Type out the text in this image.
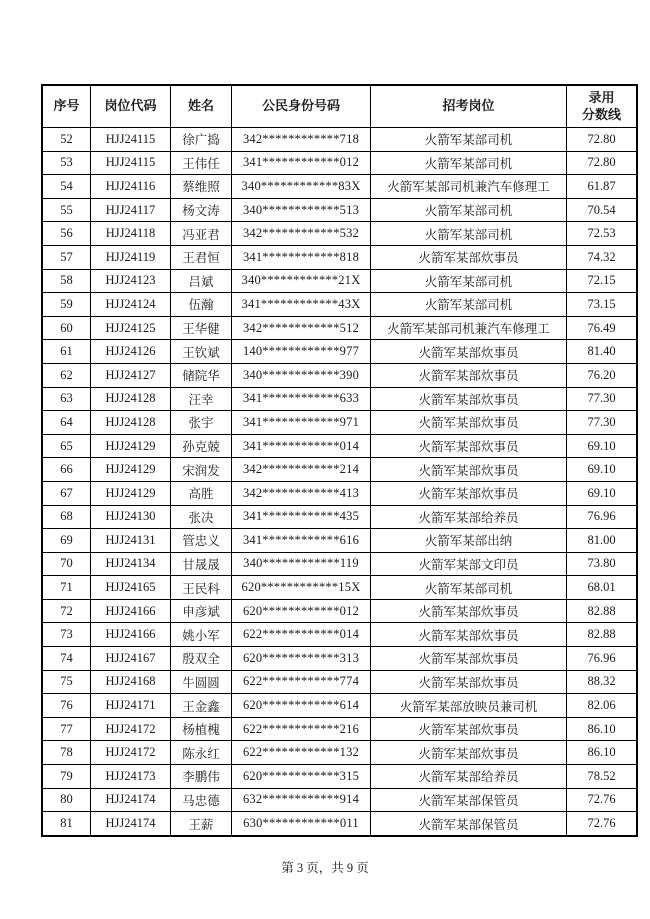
序号	岗位代码	姓名	公民身份号码	招考岗位	录用
分数线
52	HJJ24115	徐广捣	342************718	火箭军某部司机	72.80
53	HJJ24115	王伟任	341************012	火箭军某部司机	72.80
54	HJJ24116	蔡维照	340************83X	火箭军某部司机兼汽车修理工	61.87
55	HJJ24117	杨文涛	340************513	火箭军某部司机	70.54
56	HJJ24118	冯亚君	342************532	火箭军某部司机	72.53
57	HJJ24119	王君恒	341************818	火箭军某部炊事员	74.32
58	HJJ24123	吕斌	340************21X	火箭军某部司机	72.15
59	HJJ24124	伍瀚	341************43X	火箭军某部司机	73.15
60	HJJ24125	王华健	342************512	火箭军某部司机兼汽车修理工	76.49
61	HJJ24126	王钦斌	140************977	火箭军某部炊事员	81.40
62	HJJ24127	储院华	340************390	火箭军某部炊事员	76.20
63	HJJ24128	汪幸	341************633	火箭军某部炊事员	77.30
64	HJJ24128	张宇	341************971	火箭军某部炊事员	77.30
65	HJJ24129	孙克兢	341************014	火箭军某部炊事员	69.10
66	HJJ24129	宋润发	342************214	火箭军某部炊事员	69.10
67	HJJ24129	高胜	342************413	火箭军某部炊事员	69.10
68	HJJ24130	张决	341************435	火箭军某部给养员	76.96
69	HJJ24131	管忠义	341************616	火箭军某部出纳	81.00
70	HJJ24134	甘晟晟	340************119	火箭军某部文印员	73.80
71	HJJ24165	王民科	620************15X	火箭军某部司机	68.01
72	HJJ24166	申彦斌	620************012	火箭军某部炊事员	82.88
73	HJJ24166	姚小军	622************014	火箭军某部炊事员	82.88
74	HJJ24167	殷双全	620************313	火箭军某部炊事员	76.96
75	HJJ24168	牛圆圆	622************774	火箭军某部炊事员	88.32
76	HJJ24171	王金鑫	620************614	火箭军某部放映员兼司机	82.06
77	HJJ24172	杨植槐	622************216	火箭军某部炊事员	86.10
78	HJJ24172	陈永红	622************132	火箭军某部炊事员	86.10
79	HJJ24173	李鹏伟	620************315	火箭军某部给养员	78.52
80	HJJ24174	马忠德	632************914	火箭军某部保管员	72.76
81	HJJ24174	王薪	630************011	火箭军某部保管员	72.76
第 3 页，共 9 页
